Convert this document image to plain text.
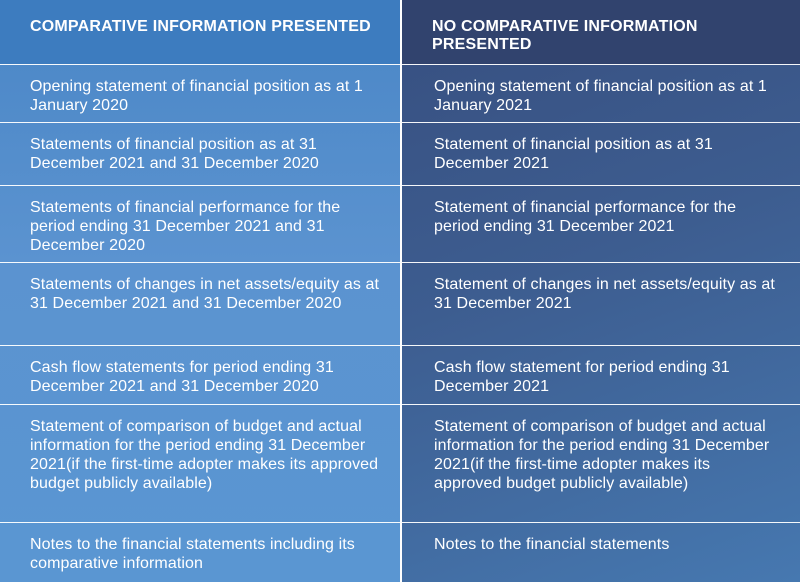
COMPARATIVE INFORMATION PRESENTED
Opening statement of financial position as at 1 January 2020
Statements of financial position as at 31 December 2021 and 31 December 2020
Statements of financial performance for the period ending 31 December 2021 and 31 December 2020
Statements of changes in net assets/equity as at 31 December 2021 and 31 December 2020
Cash flow statements for period ending 31 December 2021 and 31 December 2020
Statement of comparison of budget and actual information for the period ending 31 December 2021(if the first-time adopter makes its approved budget publicly available)
Notes to the financial statements including its comparative information
NO COMPARATIVE INFORMATION PRESENTED
Opening statement of financial position as at 1 January 2021
Statement of financial position as at 31 December 2021
Statement of financial performance for the period ending 31 December 2021
Statement of changes in net assets/equity as at 31 December 2021
Cash flow statement for period ending 31 December 2021
Statement of comparison of budget and actual information for the period ending 31 December 2021(if the first-time adopter makes its approved budget publicly available)
Notes to the financial statements
